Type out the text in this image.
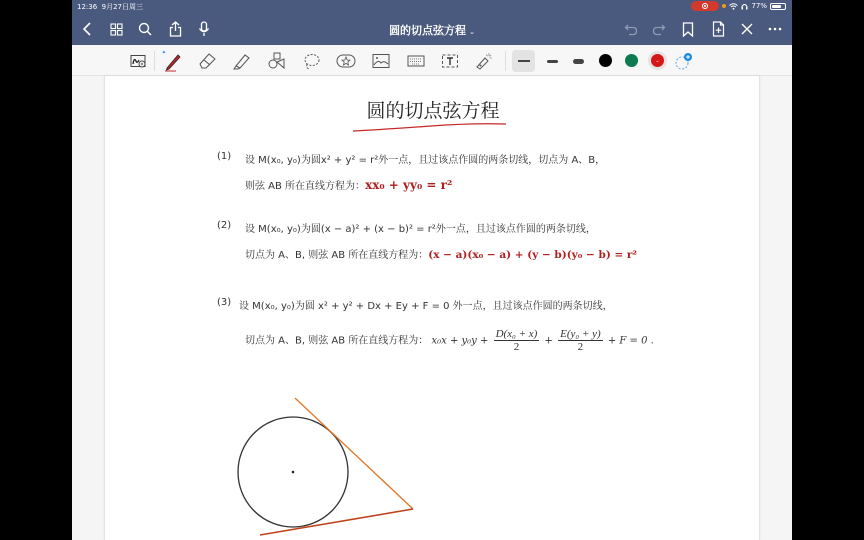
12:36 9月27日周三	77%
圆的切点弦方程 ⌄
⌄
圆的切点弦方程
(1) 设 M(x₀, y₀)为圆x² + y² = r²外一点，且过该点作圆的两条切线，切点为 A、B，
则弦 AB 所在直线方程为：xx₀ + yy₀ = r²
(2) 设 M(x₀, y₀)为圆(x − a)² + (x − b)² = r²外一点，且过该点作圆的两条切线，
切点为 A、B, 则弦 AB 所在直线方程为：(x − a)(x₀ − a) + (y − b)(y₀ − b) = r²
(3) 设 M(x₀, y₀)为圆 x² + y² + Dx + Ey + F = 0 外一点，且过该点作圆的两条切线，
切点为 A、B, 则弦 AB 所在直线方程为： $x_0x + y_0y + \frac{\text{D(x₀ + x)}}{2} + \frac{\text{E(y₀ + y)}}{2} + F = 0$ .
